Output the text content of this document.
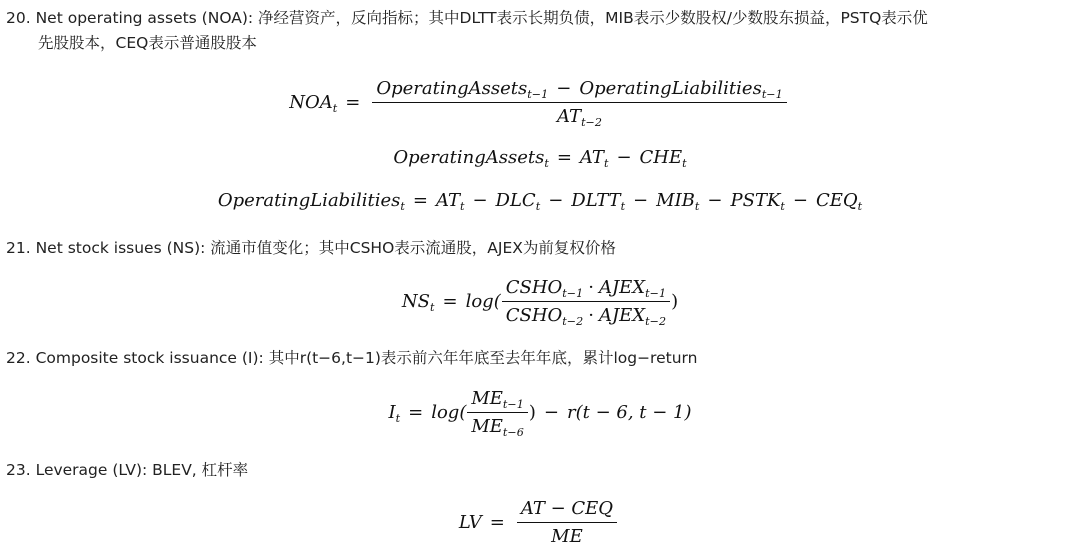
20. Net operating assets (NOA): 净经营资产，反向指标；其中DLTT表示长期负债，MIB表示少数股权/少数股东损益，PSTQ表示优
先股股本，CEQ表示普通股股本
$NOA_t = \frac{OperatingAssets_{t-1} - OperatingLiabilities_{t-1}}{AT_{t-2}}$
OperatingAssets$_t$ = $AT_t - CHE_t$
OperatingLiabilities$_t$ = $AT_t - DLC_t$ − $DLTT_t - MIB_t$ − $PSTK_t - CEQ_t$
21. Net stock issues (NS): 流通市值变化；其中CSHO表示流通股，AJEX为前复权价格
$NS_t = \log( \frac{CSHO_{t-1} \cdot AJEX_{t-1}}{CSHO_{t-2} \cdot AJEX_{t-2}}$ )
22. Composite stock issuance (I): 其中r(t−6,t−1)表示前六年年底至去年年底，累计log−return
$I_t = \log( \frac{ME_{t-1}}{ME_{t-6}}$ ) − r(t − 6, t − 1)
23. Leverage (LV): BLEV, 杠杆率
LV = $\frac{\text{AT − CEQ}}{ME}$
